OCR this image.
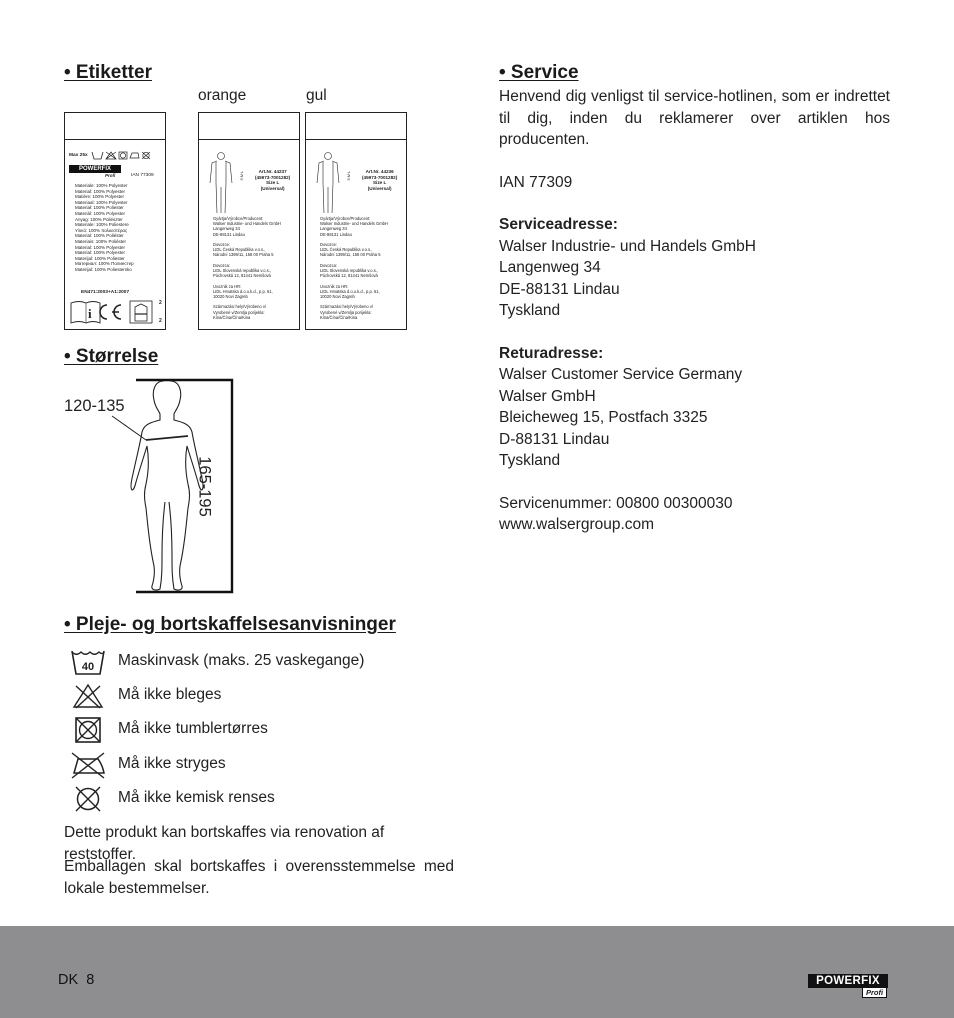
• Etiketter
orange	gul
Max 25x
POWERFIX
Profi	IAN 77309
Materiale: 100% Polyester
Material: 100% Polyester
Matière: 100% Polyester
Materiaal: 100% Polyester
Materiał: 100% Poliester
Materiál: 100% Polyester
Anyag: 100% Poliészter
Materiale: 100% Poliestere
Υλικό: 100% πολυεστέρας
Material: 100% Poliéster
Materiais: 100% Poliéster
Material: 100% Polyester
Material: 100% Polyester
Materijal: 100% Poliester
Материал: 100% Полиестер
Materijal: 100% Poliestersko
EN471:2003+A1:2007
i
2
2
S·M·L	Art.Nr. 44237
(45973-7001282)
Size L
(Universal)
Gyártja/Výrobce/Producent:
Walser Industrie- und Handels GmbH
Langenweg 34
DE-88131 Lindau

Dovozce:
LIDL Česká Republika v.o.s.,
Národní 1399/11, 158 00 Praha 5

Dovozca:
LIDL Slovenská republika v.o.s.,
Púchovská 12, 81441 Nemšová

Uvoznik za HR:
LIDL Hrvatska d.o.o.k.d., p.p. 61,
10020 Novi Zagreb

Származási hely/Výrobeno v/
Vyrobené v/Zemlja porijekla:
Kína/Čína/Čína/Kina
S·M·L	Art.Nr. 44236
(45973-7001282)
Size L
(Universal)
Gyártja/Výrobce/Producent:
Walser Industrie- und Handels GmbH
Langenweg 34
DE-88131 Lindau

Dovozce:
LIDL Česká Republika v.o.s.,
Národní 1399/11, 158 00 Praha 5

Dovozca:
LIDL Slovenská republika v.o.s.,
Púchovská 12, 81441 Nemšová

Uvoznik za HR:
LIDL Hrvatska d.o.o.k.d., p.p. 61,
10020 Novi Zagreb

Származási hely/Výrobeno v/
Vyrobené v/Zemlja porijekla:
Kína/Čína/Čína/Kina
• Størrelse
120-135
165-195
• Pleje- og bortskaffelsesanvisninger
40 Maskinvask (maks. 25 vaskegange)
Må ikke bleges
Må ikke tumblertørres
Må ikke stryges
Må ikke kemisk renses
Dette produkt kan bortskaffes via renovation af reststoffer.
Emballagen skal bortskaffes i overensstemmelse med lokale bestemmelser.
• Service

Henvend dig venligst til service-hotlinen, som er indrettet til dig, inden du reklamerer over artiklen hos producenten.

IAN 77309

Serviceadresse:

Walser Industrie- und Handels GmbH

Langenweg 34

DE-88131 Lindau

Tyskland

Returadresse:

Walser Customer Service Germany

Walser GmbH

Bleicheweg 15, Postfach 3325

D-88131 Lindau

Tyskland

Servicenummer: 00800 00300030

www.walsergroup.com

DK  8	POWERFIX
Profi
